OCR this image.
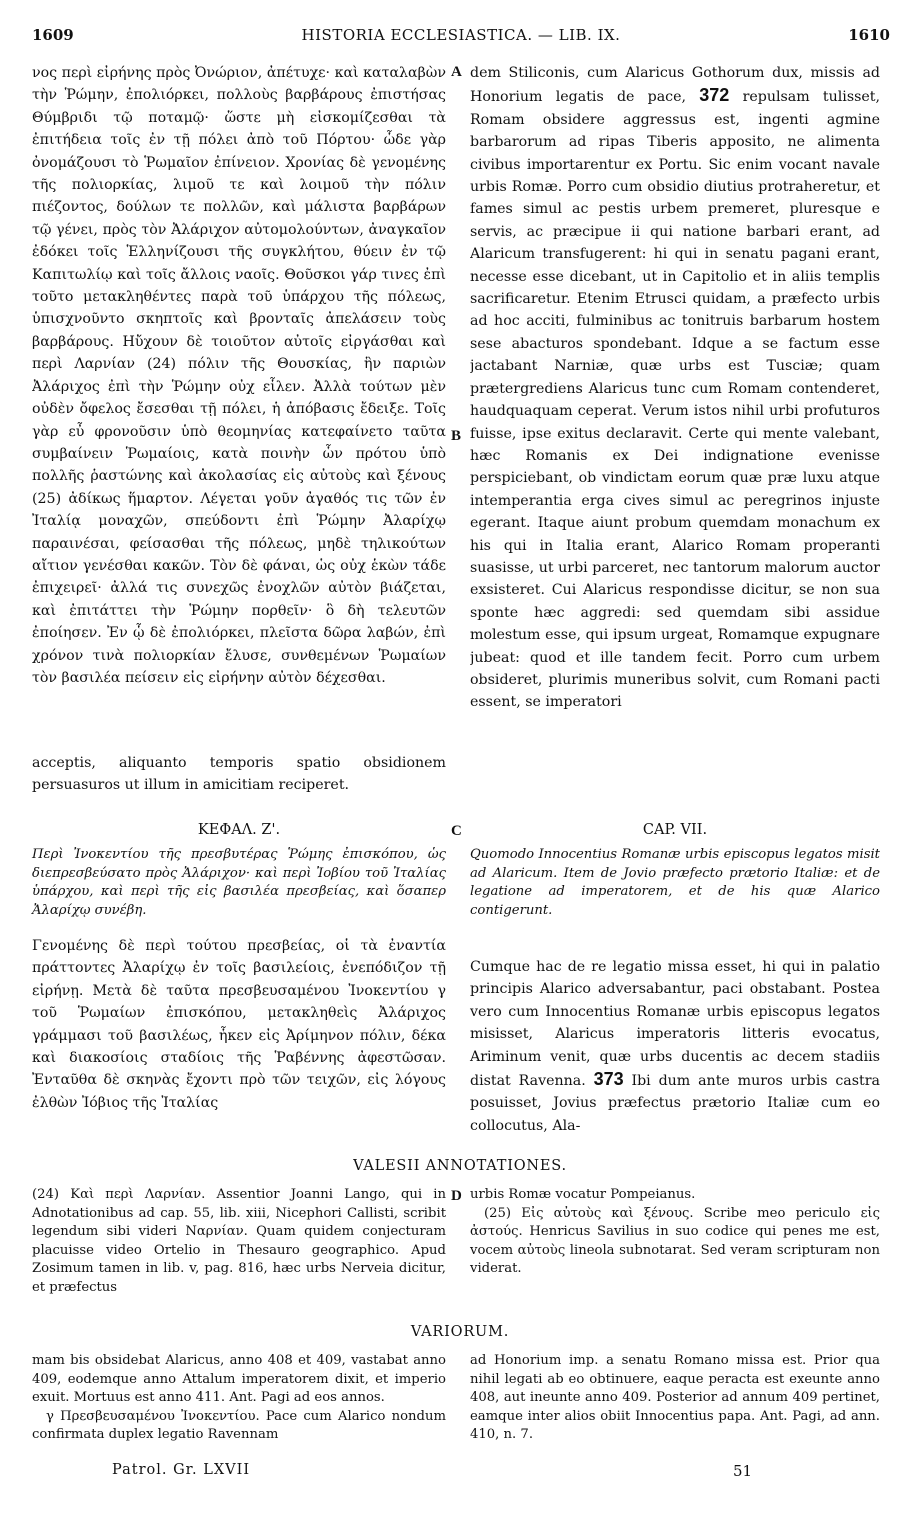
1609	HISTORIA ECCLESIASTICA. — LIB. IX.	1610
A
B
C
D

νος περὶ εἰρήνης πρὸς Ὀνώριον, ἀπέτυχε· καὶ καταλαβὼν τὴν Ῥώμην, ἐπολιόρκει, πολλοὺς βαρβάρους ἐπιστήσας Θύμβριδι τῷ ποταμῷ· ὥστε μὴ εἰσκομίζεσθαι τὰ ἐπιτήδεια τοῖς ἐν τῇ πόλει ἀπὸ τοῦ Πόρτου· ὧδε γὰρ ὀνομάζουσι τὸ Ῥωμαῖον ἐπίνειον. Χρονίας δὲ γενομένης τῆς πολιορκίας, λιμοῦ τε καὶ λοιμοῦ τὴν πόλιν πιέζοντος, δούλων τε πολλῶν, καὶ μάλιστα βαρβάρων τῷ γένει, πρὸς τὸν Ἀλάριχον αὐτομολούντων, ἀναγκαῖον ἐδόκει τοῖς Ἑλληνίζουσι τῆς συγκλήτου, θύειν ἐν τῷ Καπιτωλίῳ καὶ τοῖς ἄλλοις ναοῖς. Θοῦσκοι γάρ τινες ἐπὶ τοῦτο μετακληθέντες παρὰ τοῦ ὑπάρχου τῆς πόλεως, ὑπισχνοῦντο σκηπτοῖς καὶ βρονταῖς ἀπελάσειν τοὺς βαρβάρους. Ηὔχουν δὲ τοιοῦτον αὐτοῖς εἰργάσθαι καὶ περὶ Λαρνίαν (24) πόλιν τῆς Θουσκίας, ἣν παριὼν Ἀλάριχος ἐπὶ τὴν Ῥώμην οὐχ εἷλεν. Ἀλλὰ τούτων μὲν οὐδὲν ὄφελος ἔσεσθαι τῇ πόλει, ἡ ἀπόβασις ἔδειξε. Τοῖς γὰρ εὖ φρονοῦσιν ὑπὸ θεομηνίας κατεφαίνετο ταῦτα συμβαίνειν Ῥωμαίοις, κατὰ ποινὴν ὧν πρότου ὑπὸ πολλῆς ῥαστώνης καὶ ἀκολασίας εἰς αὐτοὺς καὶ ξένους (25) ἀδίκως ἥμαρτον. Λέγεται γοῦν ἀγαθός τις τῶν ἐν Ἰταλίᾳ μοναχῶν, σπεύδοντι ἐπὶ Ῥώμην Ἀλαρίχῳ παραινέσαι, φείσασθαι τῆς πόλεως, μηδὲ τηλικούτων αἴτιον γενέσθαι κακῶν. Τὸν δὲ φάναι, ὡς οὐχ ἑκὼν τάδε ἐπιχειρεῖ· ἀλλά τις συνεχῶς ἐνοχλῶν αὐτὸν βιάζεται, καὶ ἐπιτάττει τὴν Ῥώμην πορθεῖν· ὃ δὴ τελευτῶν ἐποίησεν. Ἐν ᾧ δὲ ἐπολιόρκει, πλεῖστα δῶρα λαβών, ἐπὶ χρόνον τινὰ πολιορκίαν ἔλυσε, συνθεμένων Ῥωμαίων τὸν βασιλέα πείσειν εἰς εἰρήνην αὐτὸν δέχεσθαι.

dem Stiliconis, cum Alaricus Gothorum dux, missis ad Honorium legatis de pace, 372 repulsam tulisset, Romam obsidere aggressus est, ingenti agmine barbarorum ad ripas Tiberis apposito, ne alimenta civibus importarentur ex Portu. Sic enim vocant navale urbis Romæ. Porro cum obsidio diutius protraheretur, et fames simul ac pestis urbem premeret, pluresque e servis, ac præcipue ii qui natione barbari erant, ad Alaricum transfugerent: hi qui in senatu pagani erant, necesse esse dicebant, ut in Capitolio et in aliis templis sacrificaretur. Etenim Etrusci quidam, a præfecto urbis ad hoc acciti, fulminibus ac tonitruis barbarum hostem sese abacturos spondebant. Idque a se factum esse jactabant Narniæ, quæ urbs est Tusciæ; quam prætergrediens Alaricus tunc cum Romam contenderet, haudquaquam ceperat. Verum istos nihil urbi profuturos fuisse, ipse exitus declaravit. Certe qui mente valebant, hæc Romanis ex Dei indignatione evenisse perspiciebant, ob vindictam eorum quæ præ luxu atque intemperantia erga cives simul ac peregrinos injuste egerant. Itaque aiunt probum quemdam monachum ex his qui in Italia erant, Alarico Romam properanti suasisse, ut urbi parceret, nec tantorum malorum auctor exsisteret. Cui Alaricus respondisse dicitur, se non sua sponte hæc aggredi: sed quemdam sibi assidue molestum esse, qui ipsum urgeat, Romamque expugnare jubeat: quod et ille tandem fecit. Porro cum urbem obsideret, plurimis muneribus solvit, cum Romani pacti essent, se imperatori

acceptis, aliquanto temporis spatio obsidionem persuasuros ut illum in amicitiam reciperet.

ΚΕΦΑΛ. Ζ'.	CAP. VII.
Περὶ Ἰνοκεντίου τῆς πρεσβυτέρας Ῥώμης ἐπισκόπου, ὡς διεπρεσβεύσατο πρὸς Ἀλάριχον· καὶ περὶ Ἰοβίου τοῦ Ἰταλίας ὑπάρχου, καὶ περὶ τῆς εἰς βασιλέα πρεσβείας, καὶ ὅσαπερ Ἀλαρίχῳ συνέβη.
Quomodo Innocentius Romanæ urbis episcopus legatos misit ad Alaricum. Item de Jovio præfecto prætorio Italiæ: et de legatione ad imperatorem, et de his quæ Alarico contigerunt.

Γενομένης δὲ περὶ τούτου πρεσβείας, οἱ τὰ ἐναντία πράττοντες Ἀλαρίχῳ ἐν τοῖς βασιλείοις, ἐνεπόδιζον τῇ εἰρήνῃ. Μετὰ δὲ ταῦτα πρεσβευσαμένου Ἰνοκεντίου γ τοῦ Ῥωμαίων ἐπισκόπου, μετακληθεὶς Ἀλάριχος γράμμασι τοῦ βασιλέως, ἧκεν εἰς Ἀρίμηνον πόλιν, δέκα καὶ διακοσίοις σταδίοις τῆς Ῥαβέννης ἀφεστῶσαν. Ἐνταῦθα δὲ σκηνὰς ἔχοντι πρὸ τῶν τειχῶν, εἰς λόγους ἐλθὼν Ἰόβιος τῆς Ἰταλίας

Cumque hac de re legatio missa esset, hi qui in palatio principis Alarico adversabantur, paci obstabant. Postea vero cum Innocentius Romanæ urbis episcopus legatos misisset, Alaricus imperatoris litteris evocatus, Ariminum venit, quæ urbs ducentis ac decem stadiis distat Ravenna. 373 Ibi dum ante muros urbis castra posuisset, Jovius præfectus prætorio Italiæ cum eo collocutus, Ala-

VALESII ANNOTATIONES.

(24) Καὶ περὶ Λαρνίαν. Assentior Joanni Lango, qui in Adnotationibus ad cap. 55, lib. xiii, Nicephori Callisti, scribit legendum sibi videri Ναρνίαν. Quam quidem conjecturam placuisse video Ortelio in Thesauro geographico. Apud Zosimum tamen in lib. v, pag. 816, hæc urbs Nerveia dicitur, et præfectus

urbis Romæ vocatur Pompeianus.

(25) Εἰς αὐτοὺς καὶ ξένους. Scribe meo periculo εἰς ἀστούς. Henricus Savilius in suo codice qui penes me est, vocem αὐτοὺς lineola subnotarat. Sed veram scripturam non viderat.

VARIORUM.

mam bis obsidebat Alaricus, anno 408 et 409, vastabat anno 409, eodemque anno Attalum imperatorem dixit, et imperio exuit. Mortuus est anno 411. Ant. Pagi ad eos annos.

γ Πρεσβευσαμένου Ἰνοκεντίου. Pace cum Alarico nondum confirmata duplex legatio Ravennam

ad Honorium imp. a senatu Romano missa est. Prior qua nihil legati ab eo obtinuere, eaque peracta est exeunte anno 408, aut ineunte anno 409. Posterior ad annum 409 pertinet, eamque inter alios obiit Innocentius papa. Ant. Pagi, ad ann. 410, n. 7.

Patrol. Gr. LXVII	51
